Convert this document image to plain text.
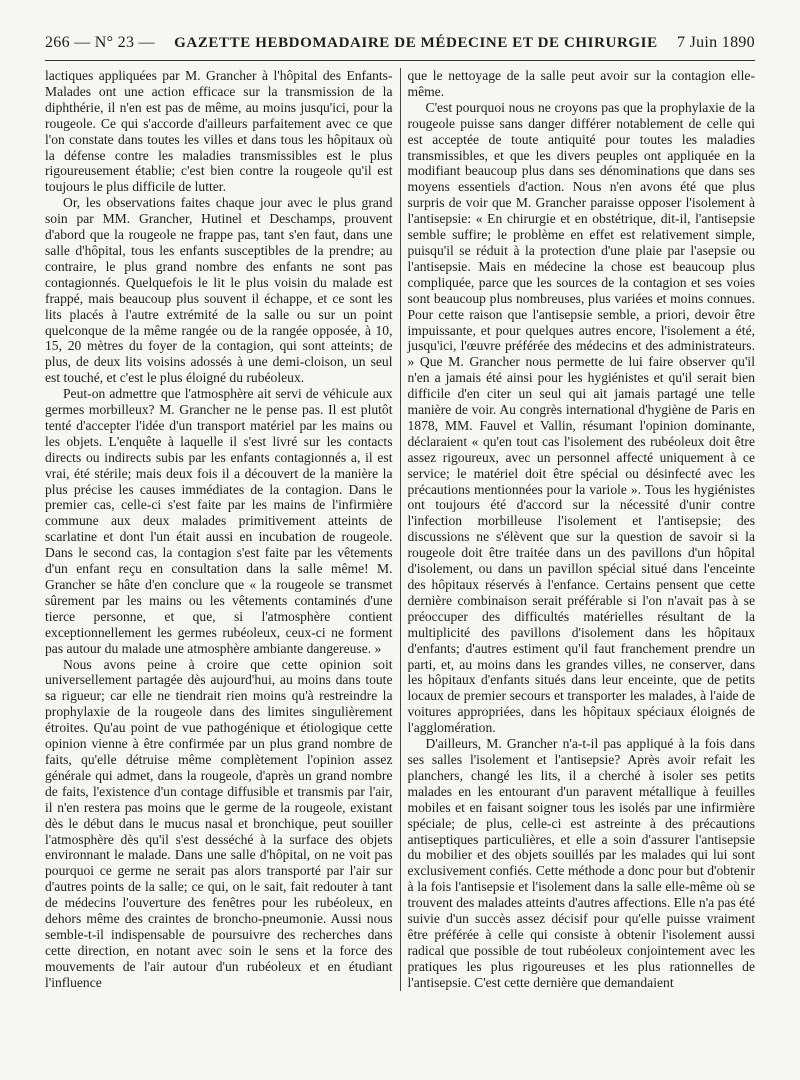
266 — N° 23 — GAZETTE HEBDOMADAIRE DE MÉDECINE ET DE CHIRURGIE 7 Juin 1890

lactiques appliquées par M. Grancher à l'hôpital des Enfants-Malades ont une action efficace sur la transmission de la diphthérie, il n'en est pas de même, au moins jusqu'ici, pour la rougeole. Ce qui s'accorde d'ailleurs parfaitement avec ce que l'on constate dans toutes les villes et dans tous les hôpitaux où la défense contre les maladies transmissibles est le plus rigoureusement établie; c'est bien contre la rougeole qu'il est toujours le plus difficile de lutter.

Or, les observations faites chaque jour avec le plus grand soin par MM. Grancher, Hutinel et Deschamps, prouvent d'abord que la rougeole ne frappe pas, tant s'en faut, dans une salle d'hôpital, tous les enfants susceptibles de la prendre; au contraire, le plus grand nombre des enfants ne sont pas contagionnés. Quelquefois le lit le plus voisin du malade est frappé, mais beaucoup plus souvent il échappe, et ce sont les lits placés à l'autre extrémité de la salle ou sur un point quelconque de la même rangée ou de la rangée opposée, à 10, 15, 20 mètres du foyer de la contagion, qui sont atteints; de plus, de deux lits voisins adossés à une demi-cloison, un seul est touché, et c'est le plus éloigné du rubéoleux.

Peut-on admettre que l'atmosphère ait servi de véhicule aux germes morbilleux? M. Grancher ne le pense pas. Il est plutôt tenté d'accepter l'idée d'un transport matériel par les mains ou les objets. L'enquête à laquelle il s'est livré sur les contacts directs ou indirects subis par les enfants contagionnés a, il est vrai, été stérile; mais deux fois il a découvert de la manière la plus précise les causes immédiates de la contagion. Dans le premier cas, celle-ci s'est faite par les mains de l'infirmière commune aux deux malades primitivement atteints de scarlatine et dont l'un était aussi en incubation de rougeole. Dans le second cas, la contagion s'est faite par les vêtements d'un enfant reçu en consultation dans la salle même! M. Grancher se hâte d'en conclure que « la rougeole se transmet sûrement par les mains ou les vêtements contaminés d'une tierce personne, et que, si l'atmosphère contient exceptionnellement les germes rubéoleux, ceux-ci ne forment pas autour du malade une atmosphère ambiante dangereuse. »

Nous avons peine à croire que cette opinion soit universellement partagée dès aujourd'hui, au moins dans toute sa rigueur; car elle ne tiendrait rien moins qu'à restreindre la prophylaxie de la rougeole dans des limites singulièrement étroites. Qu'au point de vue pathogénique et étiologique cette opinion vienne à être confirmée par un plus grand nombre de faits, qu'elle détruise même complètement l'opinion assez générale qui admet, dans la rougeole, d'après un grand nombre de faits, l'existence d'un contage diffusible et transmis par l'air, il n'en restera pas moins que le germe de la rougeole, existant dès le début dans le mucus nasal et bronchique, peut souiller l'atmosphère dès qu'il s'est desséché à la surface des objets environnant le malade. Dans une salle d'hôpital, on ne voit pas pourquoi ce germe ne serait pas alors transporté par l'air sur d'autres points de la salle; ce qui, on le sait, fait redouter à tant de médecins l'ouverture des fenêtres pour les rubéoleux, en dehors même des craintes de broncho-pneumonie. Aussi nous semble-t-il indispensable de poursuivre des recherches dans cette direction, en notant avec soin le sens et la force des mouvements de l'air autour d'un rubéoleux et en étudiant l'influence

que le nettoyage de la salle peut avoir sur la contagion elle-même.

C'est pourquoi nous ne croyons pas que la prophylaxie de la rougeole puisse sans danger différer notablement de celle qui est acceptée de toute antiquité pour toutes les maladies transmissibles, et que les divers peuples ont appliquée en la modifiant beaucoup plus dans ses dénominations que dans ses moyens essentiels d'action. Nous n'en avons été que plus surpris de voir que M. Grancher paraisse opposer l'isolement à l'antisepsie: « En chirurgie et en obstétrique, dit-il, l'antisepsie semble suffire; le problème en effet est relativement simple, puisqu'il se réduit à la protection d'une plaie par l'asepsie ou l'antisepsie. Mais en médecine la chose est beaucoup plus compliquée, parce que les sources de la contagion et ses voies sont beaucoup plus nombreuses, plus variées et moins connues. Pour cette raison que l'antisepsie semble, a priori, devoir être impuissante, et pour quelques autres encore, l'isolement a été, jusqu'ici, l'œuvre préférée des médecins et des administrateurs. » Que M. Grancher nous permette de lui faire observer qu'il n'en a jamais été ainsi pour les hygiénistes et qu'il serait bien difficile d'en citer un seul qui ait jamais partagé une telle manière de voir. Au congrès international d'hygiène de Paris en 1878, MM. Fauvel et Vallin, résumant l'opinion dominante, déclaraient « qu'en tout cas l'isolement des rubéoleux doit être assez rigoureux, avec un personnel affecté uniquement à ce service; le matériel doit être spécial ou désinfecté avec les précautions mentionnées pour la variole ». Tous les hygiénistes ont toujours été d'accord sur la nécessité d'unir contre l'infection morbilleuse l'isolement et l'antisepsie; des discussions ne s'élèvent que sur la question de savoir si la rougeole doit être traitée dans un des pavillons d'un hôpital d'isolement, ou dans un pavillon spécial situé dans l'enceinte des hôpitaux réservés à l'enfance. Certains pensent que cette dernière combinaison serait préférable si l'on n'avait pas à se préoccuper des difficultés matérielles résultant de la multiplicité des pavillons d'isolement dans les hôpitaux d'enfants; d'autres estiment qu'il faut franchement prendre un parti, et, au moins dans les grandes villes, ne conserver, dans les hôpitaux d'enfants situés dans leur enceinte, que de petits locaux de premier secours et transporter les malades, à l'aide de voitures appropriées, dans les hôpitaux spéciaux éloignés de l'agglomération.

D'ailleurs, M. Grancher n'a-t-il pas appliqué à la fois dans ses salles l'isolement et l'antisepsie? Après avoir refait les planchers, changé les lits, il a cherché à isoler ses petits malades en les entourant d'un paravent métallique à feuilles mobiles et en faisant soigner tous les isolés par une infirmière spéciale; de plus, celle-ci est astreinte à des précautions antiseptiques particulières, et elle a soin d'assurer l'antisepsie du mobilier et des objets souillés par les malades qui lui sont exclusivement confiés. Cette méthode a donc pour but d'obtenir à la fois l'antisepsie et l'isolement dans la salle elle-même où se trouvent des malades atteints d'autres affections. Elle n'a pas été suivie d'un succès assez décisif pour qu'elle puisse vraiment être préférée à celle qui consiste à obtenir l'isolement aussi radical que possible de tout rubéoleux conjointement avec les pratiques les plus rigoureuses et les plus rationnelles de l'antisepsie. C'est cette dernière que demandaient
